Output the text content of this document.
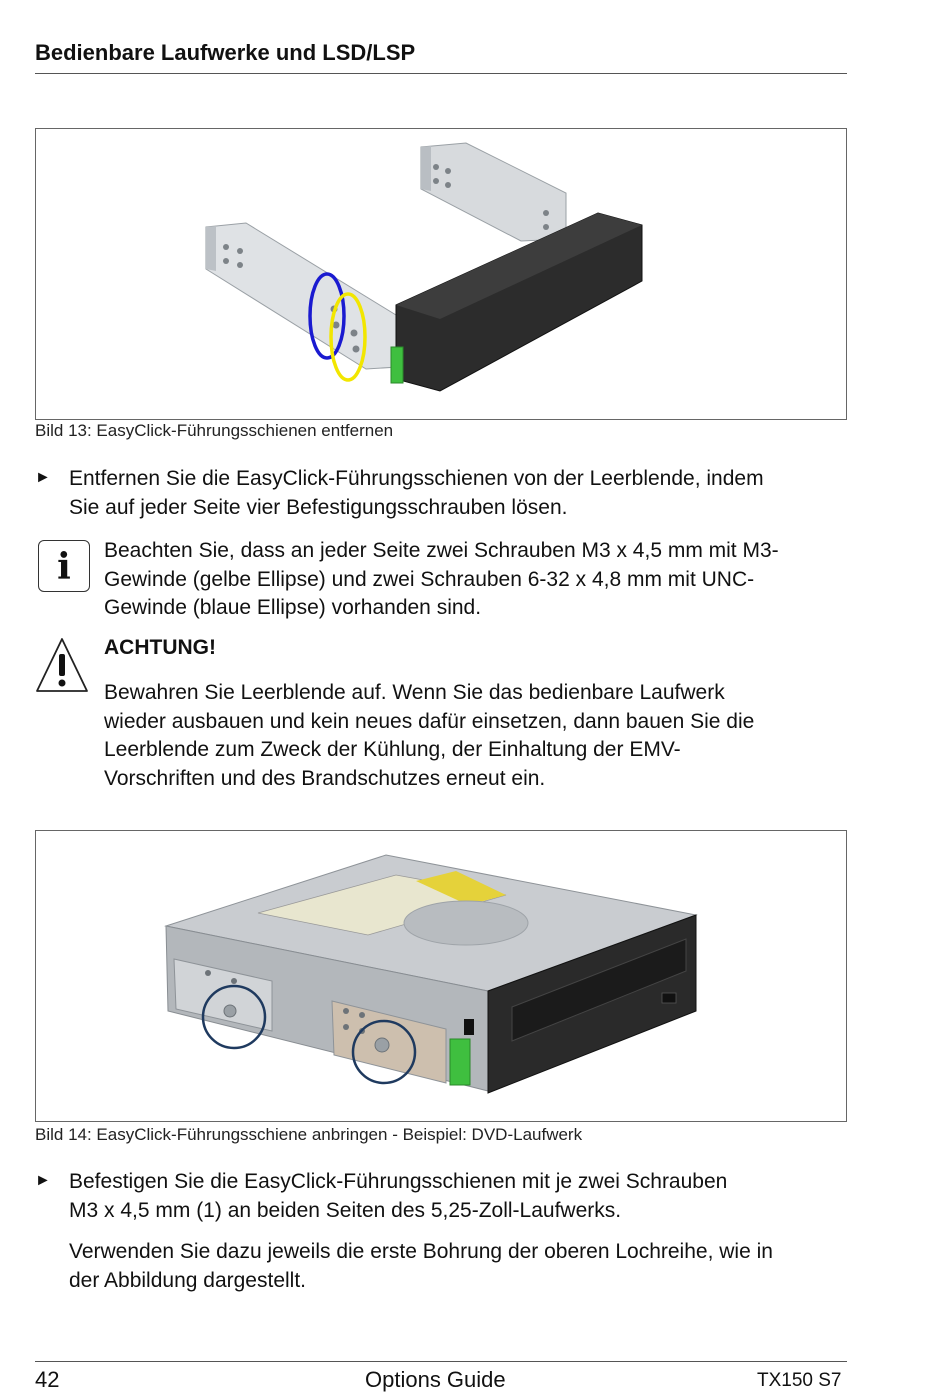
Bedienbare Laufwerke und LSD/LSP
Bild 13: EasyClick-Führungsschienen entfernen
► Entfernen Sie die EasyClick-Führungsschienen von der Leerblende, indem
Sie auf jeder Seite vier Befestigungsschrauben lösen.
i	Beachten Sie, dass an jeder Seite zwei Schrauben M3 x 4,5 mm mit M3-
Gewinde (gelbe Ellipse) und zwei Schrauben 6-32 x 4,8 mm mit UNC-
Gewinde (blaue Ellipse) vorhanden sind.
ACHTUNG!
Bewahren Sie Leerblende auf. Wenn Sie das bedienbare Laufwerk
wieder ausbauen und kein neues dafür einsetzen, dann bauen Sie die
Leerblende zum Zweck der Kühlung, der Einhaltung der EMV-
Vorschriften und des Brandschutzes erneut ein.
Bild 14: EasyClick-Führungsschiene anbringen - Beispiel: DVD-Laufwerk
► Befestigen Sie die EasyClick-Führungsschienen mit je zwei Schrauben
M3 x 4,5 mm (1) an beiden Seiten des 5,25-Zoll-Laufwerks.
Verwenden Sie dazu jeweils die erste Bohrung der oberen Lochreihe, wie in
der Abbildung dargestellt.
42	Options Guide	TX150 S7
